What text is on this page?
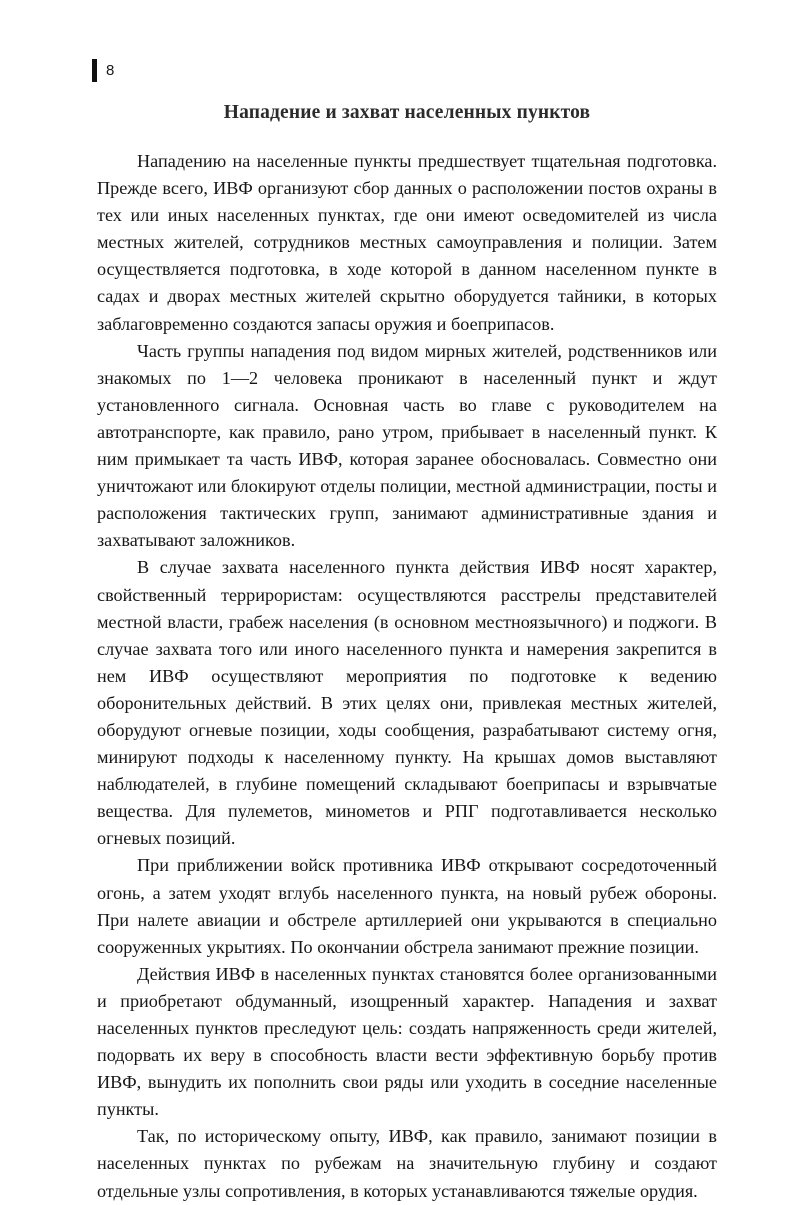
8
Нападение и захват населенных пунктов

Нападению на населенные пункты предшествует тщательная подготовка. Прежде всего, ИВФ организуют сбор данных о расположении постов охраны в тех или иных населенных пунктах, где они имеют осведомителей из числа местных жителей, сотрудников местных самоуправления и полиции. Затем осуществляется подготовка, в ходе которой в данном населенном пункте в садах и дворах местных жителей скрытно оборудуется тайники, в которых заблаговременно создаются запасы оружия и боеприпасов.

Часть группы нападения под видом мирных жителей, родственников или знакомых по 1—2 человека проникают в населенный пункт и ждут установленного сигнала. Основная часть во главе с руководителем на автотранспорте, как правило, рано утром, прибывает в населенный пункт. К ним примыкает та часть ИВФ, которая заранее обосновалась. Совместно они уничтожают или блокируют отделы полиции, местной администрации, посты и расположения тактических групп, занимают административные здания и захватывают заложников.

В случае захвата населенного пункта действия ИВФ носят характер, свойственный террирористам: осуществляются расстрелы представителей местной власти, грабеж населения (в основном местноязычного) и поджоги. В случае захвата того или иного населенного пункта и намерения закрепится в нем ИВФ осуществляют мероприятия по подготовке к ведению оборонительных действий. В этих целях они, привлекая местных жителей, оборудуют огневые позиции, ходы сообщения, разрабатывают систему огня, минируют подходы к населенному пункту. На крышах домов выставляют наблюдателей, в глубине помещений складывают боеприпасы и взрывчатые вещества. Для пулеметов, минометов и РПГ подготавливается несколько огневых позиций.

При приближении войск противника ИВФ открывают сосредоточенный огонь, а затем уходят вглубь населенного пункта, на новый рубеж обороны. При налете авиации и обстреле артиллерией они укрываются в специально сооруженных укрытиях. По окончании обстрела занимают прежние позиции.

Действия ИВФ в населенных пунктах становятся более организованными и приобретают обдуманный, изощренный характер. Нападения и захват населенных пунктов преследуют цель: создать напряженность среди жителей, подорвать их веру в способность власти вести эффективную борьбу против ИВФ, вынудить их пополнить свои ряды или уходить в соседние населенные пункты.

Так, по историческому опыту, ИВФ, как правило, занимают позиции в населенных пунктах по рубежам на значительную глубину и создают отдельные узлы сопротивления, в которых устанавливаются тяжелые орудия.
